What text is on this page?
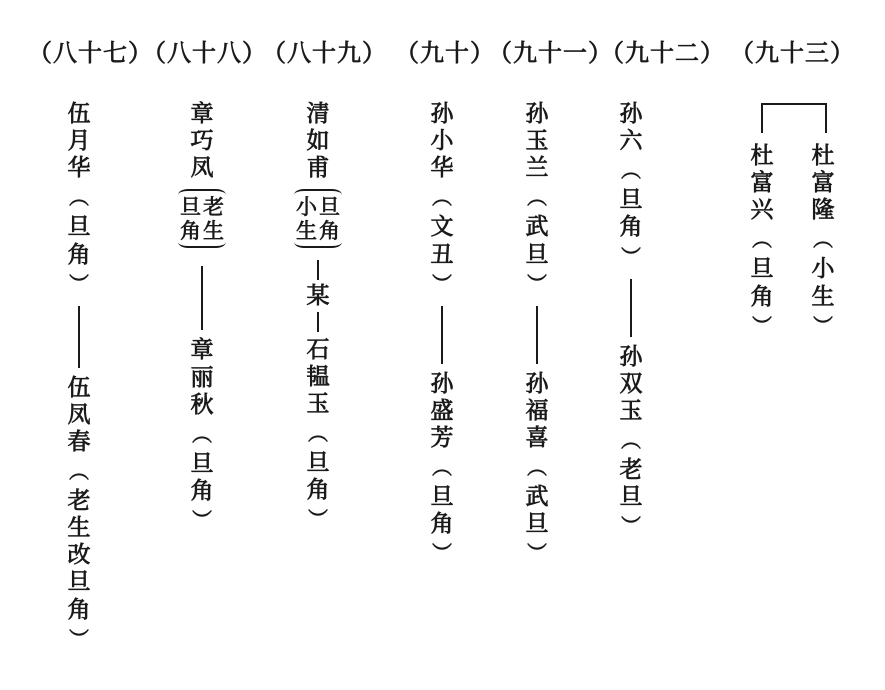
（八十七）
（八十八）
（八十九） （九十）
（九十一）
（九十二） （九十三）
伍
月
华
︵
旦
角
︶
伍
凤
春
︵
老
生
改
旦
角
︶
章
巧
凤
老
生
旦
角
章
丽
秋
︵
旦
角
︶
清
如
甫
旦
角
小
生
某
石
韫
玉
︵
旦
角
︶
孙
小
华
︵
文
丑
︶
孙
盛
芳
︵
旦
角
︶
孙
玉
兰
︵
武
旦
︶
孙
福
喜
︵
武
旦
︶
孙
六
︵
旦
角
︶
孙
双
玉
︵
老
旦
︶
杜
富
隆
︵
小
生
︶
杜
富
兴
︵
旦
角
︶
